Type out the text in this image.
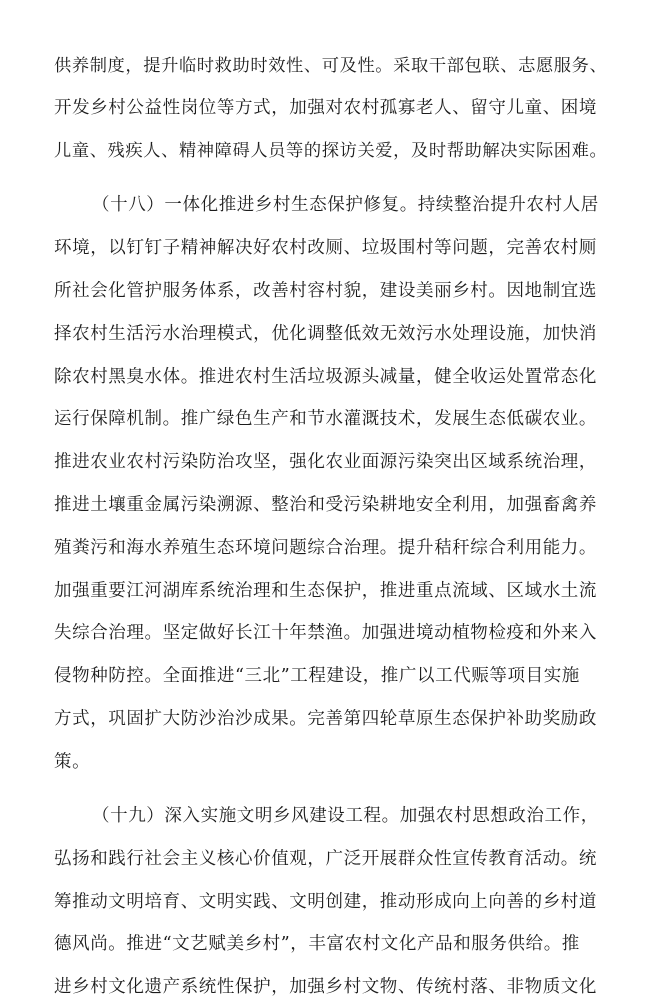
供养制度，提升临时救助时效性、可及性。采取干部包联、志愿服务、
开发乡村公益性岗位等方式，加强对农村孤寡老人、留守儿童、困境
儿童、残疾人、精神障碍人员等的探访关爱，及时帮助解决实际困难。
（十八）一体化推进乡村生态保护修复。持续整治提升农村人居
环境，以钉钉子精神解决好农村改厕、垃圾围村等问题，完善农村厕
所社会化管护服务体系，改善村容村貌，建设美丽乡村。因地制宜选
择农村生活污水治理模式，优化调整低效无效污水处理设施，加快消
除农村黑臭水体。推进农村生活垃圾源头减量，健全收运处置常态化
运行保障机制。推广绿色生产和节水灌溉技术，发展生态低碳农业。
推进农业农村污染防治攻坚，强化农业面源污染突出区域系统治理，
推进土壤重金属污染溯源、整治和受污染耕地安全利用，加强畜禽养
殖粪污和海水养殖生态环境问题综合治理。提升秸秆综合利用能力。
加强重要江河湖库系统治理和生态保护，推进重点流域、区域水土流
失综合治理。坚定做好长江十年禁渔。加强进境动植物检疫和外来入
侵物种防控。全面推进“三北”工程建设，推广以工代赈等项目实施
方式，巩固扩大防沙治沙成果。完善第四轮草原生态保护补助奖励政
策。
（十九）深入实施文明乡风建设工程。加强农村思想政治工作，
弘扬和践行社会主义核心价值观，广泛开展群众性宣传教育活动。统
筹推动文明培育、文明实践、文明创建，推动形成向上向善的乡村道
德风尚。推进“文艺赋美乡村”，丰富农村文化产品和服务供给。推
进乡村文化遗产系统性保护，加强乡村文物、传统村落、非物质文化
